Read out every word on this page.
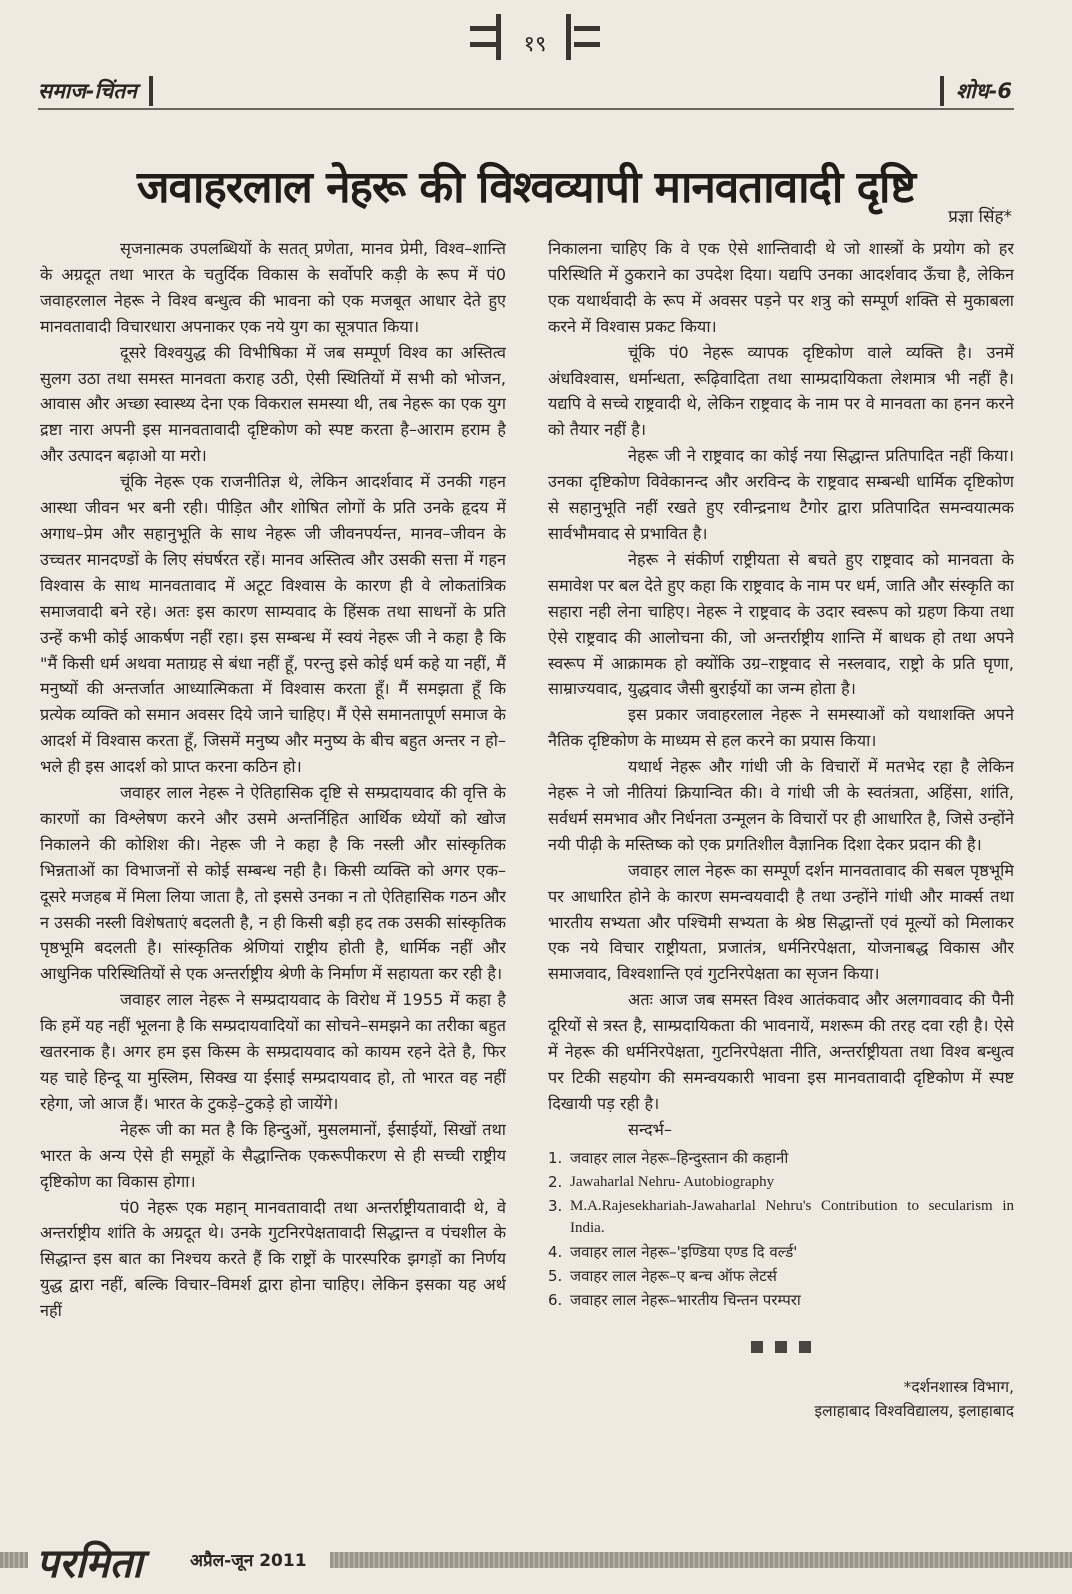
१९
समाज-चिंतन	शोध-6
जवाहरलाल नेहरू की विश्वव्यापी मानवतावादी दृष्टि
प्रज्ञा सिंह*

सृजनात्मक उपलब्धियों के सतत् प्रणेता, मानव प्रेमी, विश्व–शान्ति के अग्रदूत तथा भारत के चतुर्दिक विकास के सर्वोपरि कड़ी के रूप में पं0 जवाहरलाल नेहरू ने विश्व बन्धुत्व की भावना को एक मजबूत आधार देते हुए मानवतावादी विचारधारा अपनाकर एक नये युग का सूत्रपात किया।

दूसरे विश्वयुद्ध की विभीषिका में जब सम्पूर्ण विश्व का अस्तित्व सुलग उठा तथा समस्त मानवता कराह उठी, ऐसी स्थितियों में सभी को भोजन, आवास और अच्छा स्वास्थ्य देना एक विकराल समस्या थी, तब नेहरू का एक युग द्रष्टा नारा अपनी इस मानवतावादी दृष्टिकोण को स्पष्ट करता है–आराम हराम है और उत्पादन बढ़ाओ या मरो।

चूंकि नेहरू एक राजनीतिज्ञ थे, लेकिन आदर्शवाद में उनकी गहन आस्था जीवन भर बनी रही। पीड़ित और शोषित लोगों के प्रति उनके हृदय में अगाध–प्रेम और सहानुभूति के साथ नेहरू जी जीवनपर्यन्त, मानव–जीवन के उच्चतर मानदण्डों के लिए संघर्षरत रहें। मानव अस्तित्व और उसकी सत्ता में गहन विश्वास के साथ मानवतावाद में अटूट विश्वास के कारण ही वे लोकतांत्रिक समाजवादी बने रहे। अतः इस कारण साम्यवाद के हिंसक तथा साधनों के प्रति उन्हें कभी कोई आकर्षण नहीं रहा। इस सम्बन्ध में स्वयं नेहरू जी ने कहा है कि "मैं किसी धर्म अथवा मताग्रह से बंधा नहीं हूँ, परन्तु इसे कोई धर्म कहे या नहीं, मैं मनुष्यों की अन्तर्जात आध्यात्मिकता में विश्वास करता हूँ। मैं समझता हूँ कि प्रत्येक व्यक्ति को समान अवसर दिये जाने चाहिए। मैं ऐसे समानतापूर्ण समाज के आदर्श में विश्वास करता हूँ, जिसमें मनुष्य और मनुष्य के बीच बहुत अन्तर न हो–भले ही इस आदर्श को प्राप्त करना कठिन हो।

जवाहर लाल नेहरू ने ऐतिहासिक दृष्टि से सम्प्रदायवाद की वृत्ति के कारणों का विश्लेषण करने और उसमे अन्तर्निहित आर्थिक ध्येयों को खोज निकालने की कोशिश की। नेहरू जी ने कहा है कि नस्ली और सांस्कृतिक भिन्नताओं का विभाजनों से कोई सम्बन्ध नही है। किसी व्यक्ति को अगर एक–दूसरे मजहब में मिला लिया जाता है, तो इससे उनका न तो ऐतिहासिक गठन और न उसकी नस्ली विशेषताएं बदलती है, न ही किसी बड़ी हद तक उसकी सांस्कृतिक पृष्ठभूमि बदलती है। सांस्कृतिक श्रेणियां राष्ट्रीय होती है, धार्मिक नहीं और आधुनिक परिस्थितियों से एक अन्तर्राष्ट्रीय श्रेणी के निर्माण में सहायता कर रही है।

जवाहर लाल नेहरू ने सम्प्रदायवाद के विरोध में 1955 में कहा है कि हमें यह नहीं भूलना है कि सम्प्रदायवादियों का सोचने–समझने का तरीका बहुत खतरनाक है। अगर हम इस किस्म के सम्प्रदायवाद को कायम रहने देते है, फिर यह चाहे हिन्दू या मुस्लिम, सिक्ख या ईसाई सम्प्रदायवाद हो, तो भारत वह नहीं रहेगा, जो आज हैं। भारत के टुकड़े–टुकड़े हो जायेंगे।

नेहरू जी का मत है कि हिन्दुओं, मुसलमानों, ईसाईयों, सिखों तथा भारत के अन्य ऐसे ही समूहों के सैद्धान्तिक एकरूपीकरण से ही सच्ची राष्ट्रीय दृष्टिकोण का विकास होगा।

पं0 नेहरू एक महान् मानवतावादी तथा अन्तर्राष्ट्रीयतावादी थे, वे अन्तर्राष्ट्रीय शांति के अग्रदूत थे। उनके गुटनिरपेक्षतावादी सिद्धान्त व पंचशील के सिद्धान्त इस बात का निश्चय करते हैं कि राष्ट्रों के पारस्परिक झगड़ों का निर्णय युद्ध द्वारा नहीं, बल्कि विचार–विमर्श द्वारा होना चाहिए। लेकिन इसका यह अर्थ नहीं

निकालना चाहिए कि वे एक ऐसे शान्तिवादी थे जो शास्त्रों के प्रयोग को हर परिस्थिति में ठुकराने का उपदेश दिया। यद्यपि उनका आदर्शवाद ऊँचा है, लेकिन एक यथार्थवादी के रूप में अवसर पड़ने पर शत्रु को सम्पूर्ण शक्ति से मुकाबला करने में विश्वास प्रकट किया।

चूंकि पं0 नेहरू व्यापक दृष्टिकोण वाले व्यक्ति है। उनमें अंधविश्वास, धर्मान्धता, रूढ़िवादिता तथा साम्प्रदायिकता लेशमात्र भी नहीं है। यद्यपि वे सच्चे राष्ट्रवादी थे, लेकिन राष्ट्रवाद के नाम पर वे मानवता का हनन करने को तैयार नहीं है।

नेहरू जी ने राष्ट्रवाद का कोई नया सिद्धान्त प्रतिपादित नहीं किया। उनका दृष्टिकोण विवेकानन्द और अरविन्द के राष्ट्रवाद सम्बन्धी धार्मिक दृष्टिकोण से सहानुभूति नहीं रखते हुए रवीन्द्रनाथ टैगोर द्वारा प्रतिपादित समन्वयात्मक सार्वभौमवाद से प्रभावित है।

नेहरू ने संकीर्ण राष्ट्रीयता से बचते हुए राष्ट्रवाद को मानवता के समावेश पर बल देते हुए कहा कि राष्ट्रवाद के नाम पर धर्म, जाति और संस्कृति का सहारा नही लेना चाहिए। नेहरू ने राष्ट्रवाद के उदार स्वरूप को ग्रहण किया तथा ऐसे राष्ट्रवाद की आलोचना की, जो अन्तर्राष्ट्रीय शान्ति में बाधक हो तथा अपने स्वरूप में आक्रामक हो क्योंकि उग्र–राष्ट्रवाद से नस्लवाद, राष्ट्रो के प्रति घृणा, साम्राज्यवाद, युद्धवाद जैसी बुराईयों का जन्म होता है।

इस प्रकार जवाहरलाल नेहरू ने समस्याओं को यथाशक्ति अपने नैतिक दृष्टिकोण के माध्यम से हल करने का प्रयास किया।

यथार्थ नेहरू और गांधी जी के विचारों में मतभेद रहा है लेकिन नेहरू ने जो नीतियां क्रियान्वित की। वे गांधी जी के स्वतंत्रता, अहिंसा, शांति, सर्वधर्म समभाव और निर्धनता उन्मूलन के विचारों पर ही आधारित है, जिसे उन्होंने नयी पीढ़ी के मस्तिष्क को एक प्रगतिशील वैज्ञानिक दिशा देकर प्रदान की है।

जवाहर लाल नेहरू का सम्पूर्ण दर्शन मानवतावाद की सबल पृष्ठभूमि पर आधारित होने के कारण समन्वयवादी है तथा उन्होंने गांधी और मार्क्स तथा भारतीय सभ्यता और पश्चिमी सभ्यता के श्रेष्ठ सिद्धान्तों एवं मूल्यों को मिलाकर एक नये विचार राष्ट्रीयता, प्रजातंत्र, धर्मनिरपेक्षता, योजनाबद्ध विकास और समाजवाद, विश्वशान्ति एवं गुटनिरपेक्षता का सृजन किया।

अतः आज जब समस्त विश्व आतंकवाद और अलगाववाद की पैनी दूरियों से त्रस्त है, साम्प्रदायिकता की भावनायें, मशरूम की तरह दवा रही है। ऐसे में नेहरू की धर्मनिरपेक्षता, गुटनिरपेक्षता नीति, अन्तर्राष्ट्रीयता तथा विश्व बन्धुत्व पर टिकी सहयोग की समन्वयकारी भावना इस मानवतावादी दृष्टिकोण में स्पष्ट दिखायी पड़ रही है।

सन्दर्भ–

1. जवाहर लाल नेहरू–हिन्दुस्तान की कहानी
2. Jawaharlal Nehru- Autobiography
3. M.A.Rajesekhariah-Jawaharlal Nehru's Contribution to secularism in India.
4. जवाहर लाल नेहरू–'इण्डिया एण्ड दि वर्ल्ड'
5. जवाहर लाल नेहरू–ए बन्च ऑफ लेटर्स
6. जवाहर लाल नेहरू–भारतीय चिन्तन परम्परा
*दर्शनशास्त्र विभाग,
इलाहाबाद विश्वविद्यालय, इलाहाबाद
परमिता	अप्रैल-जून 2011
